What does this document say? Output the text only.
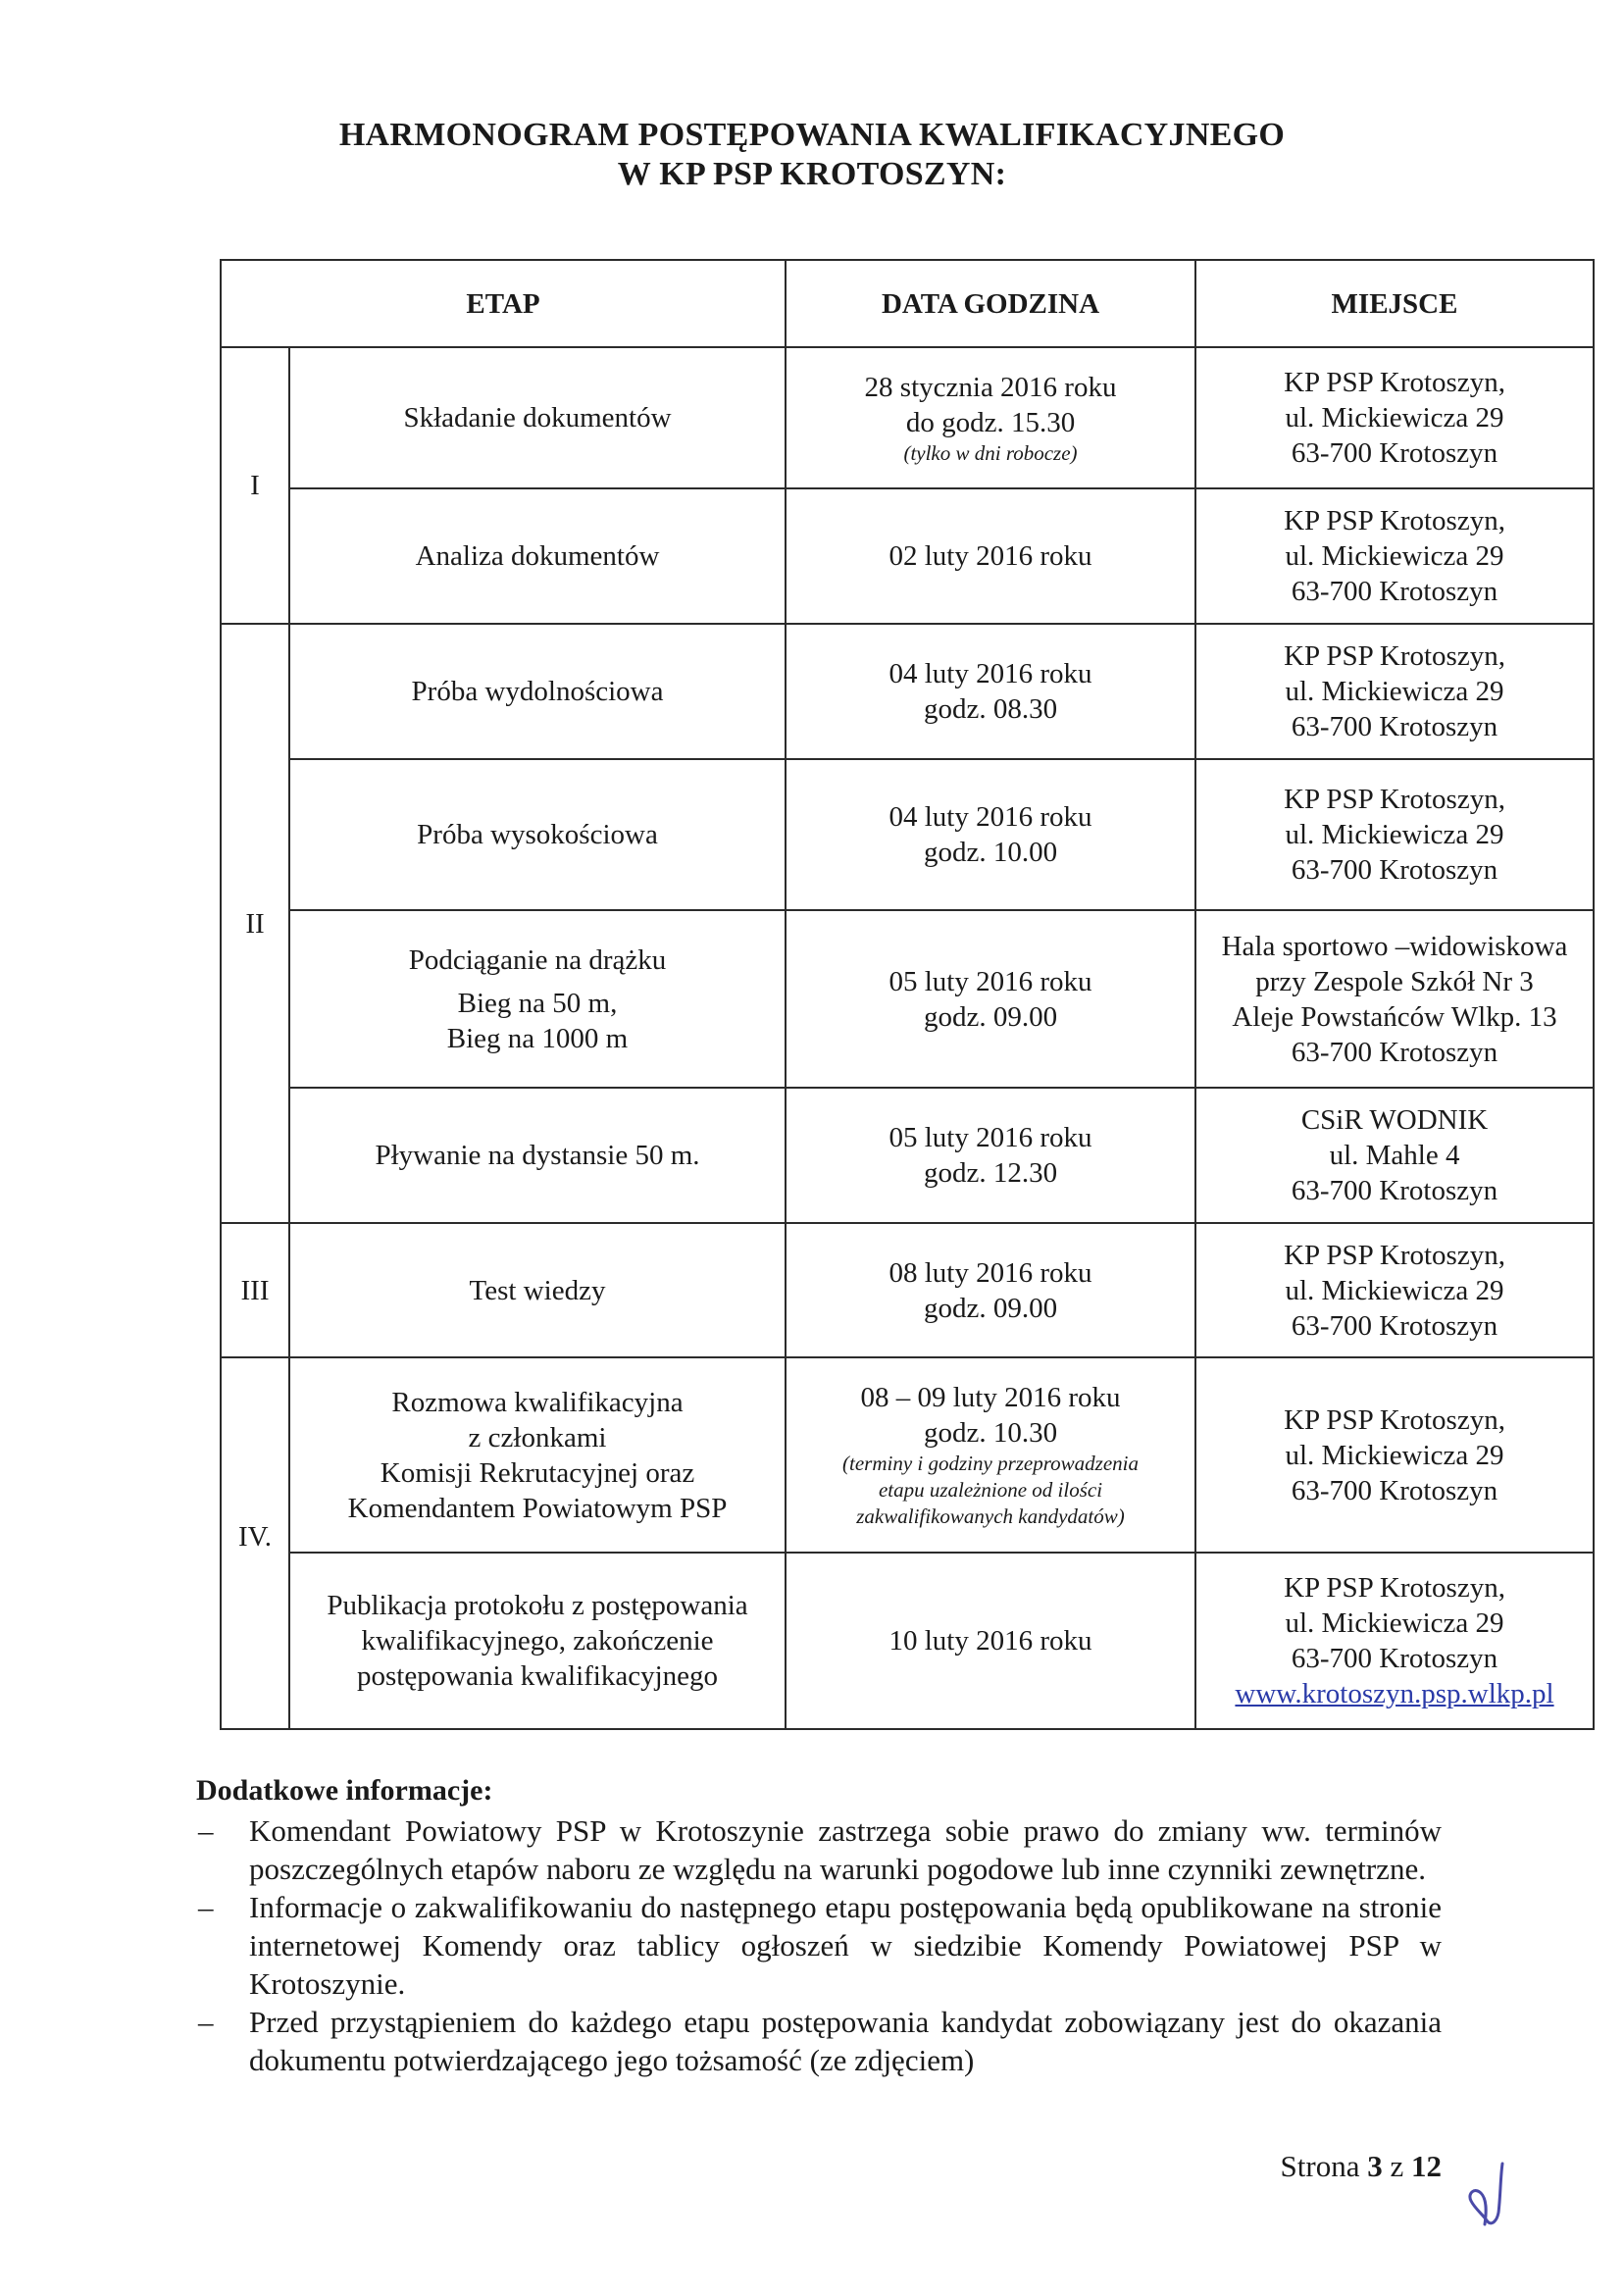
HARMONOGRAM POSTĘPOWANIA KWALIFIKACYJNEGO
W KP PSP KROTOSZYN:
ETAP		DATA GODZINA	MIEJSCE
I	Składanie dokumentów	28 stycznia 2016 roku
do godz. 15.30
(tylko w dni robocze)	KP PSP Krotoszyn,
ul. Mickiewicza 29
63-700 Krotoszyn

	Analiza dokumentów	02 luty 2016 roku	KP PSP Krotoszyn,
ul. Mickiewicza 29
63-700 Krotoszyn

II	Próba wydolnościowa	04 luty 2016 roku
godz. 08.30	KP PSP Krotoszyn,
ul. Mickiewicza 29
63-700 Krotoszyn

	Próba wysokościowa	04 luty 2016 roku
godz. 10.00	KP PSP Krotoszyn,
ul. Mickiewicza 29
63-700 Krotoszyn

	Podciąganie na drążku
Bieg na 50 m,
Bieg na 1000 m	05 luty 2016 roku
godz. 09.00	Hala sportowo –widowiskowa
przy Zespole Szkół Nr 3
Aleje Powstańców Wlkp. 13
63-700 Krotoszyn

	Pływanie na dystansie 50 m.	05 luty 2016 roku
godz. 12.30	CSiR WODNIK
ul. Mahle 4
63-700 Krotoszyn

III	Test wiedzy	08 luty 2016 roku
godz. 09.00	KP PSP Krotoszyn,
ul. Mickiewicza 29
63-700 Krotoszyn

IV.	Rozmowa kwalifikacyjna
z członkami
Komisji Rekrutacyjnej oraz
Komendantem Powiatowym PSP	08 – 09 luty 2016 roku
godz. 10.30
(terminy i godziny przeprowadzenia
etapu uzależnione od ilości
zakwalifikowanych kandydatów)	KP PSP Krotoszyn,
ul. Mickiewicza 29
63-700 Krotoszyn

	Publikacja protokołu z postępowania
kwalifikacyjnego, zakończenie
postępowania kwalifikacyjnego	10 luty 2016 roku	KP PSP Krotoszyn,
ul. Mickiewicza 29
63-700 Krotoszyn
www.krotoszyn.psp.wlkp.pl
Dodatkowe informacje:
–	Komendant Powiatowy PSP w Krotoszynie zastrzega sobie prawo do zmiany ww. terminów poszczególnych etapów naboru ze względu na warunki pogodowe lub inne czynniki zewnętrzne.
–	Informacje o zakwalifikowaniu do następnego etapu postępowania będą opublikowane na stronie internetowej Komendy oraz tablicy ogłoszeń w siedzibie Komendy Powiatowej PSP w Krotoszynie.
–	Przed przystąpieniem do każdego etapu postępowania kandydat zobowiązany jest do okazania dokumentu potwierdzającego jego tożsamość (ze zdjęciem)
Strona 3 z 12
